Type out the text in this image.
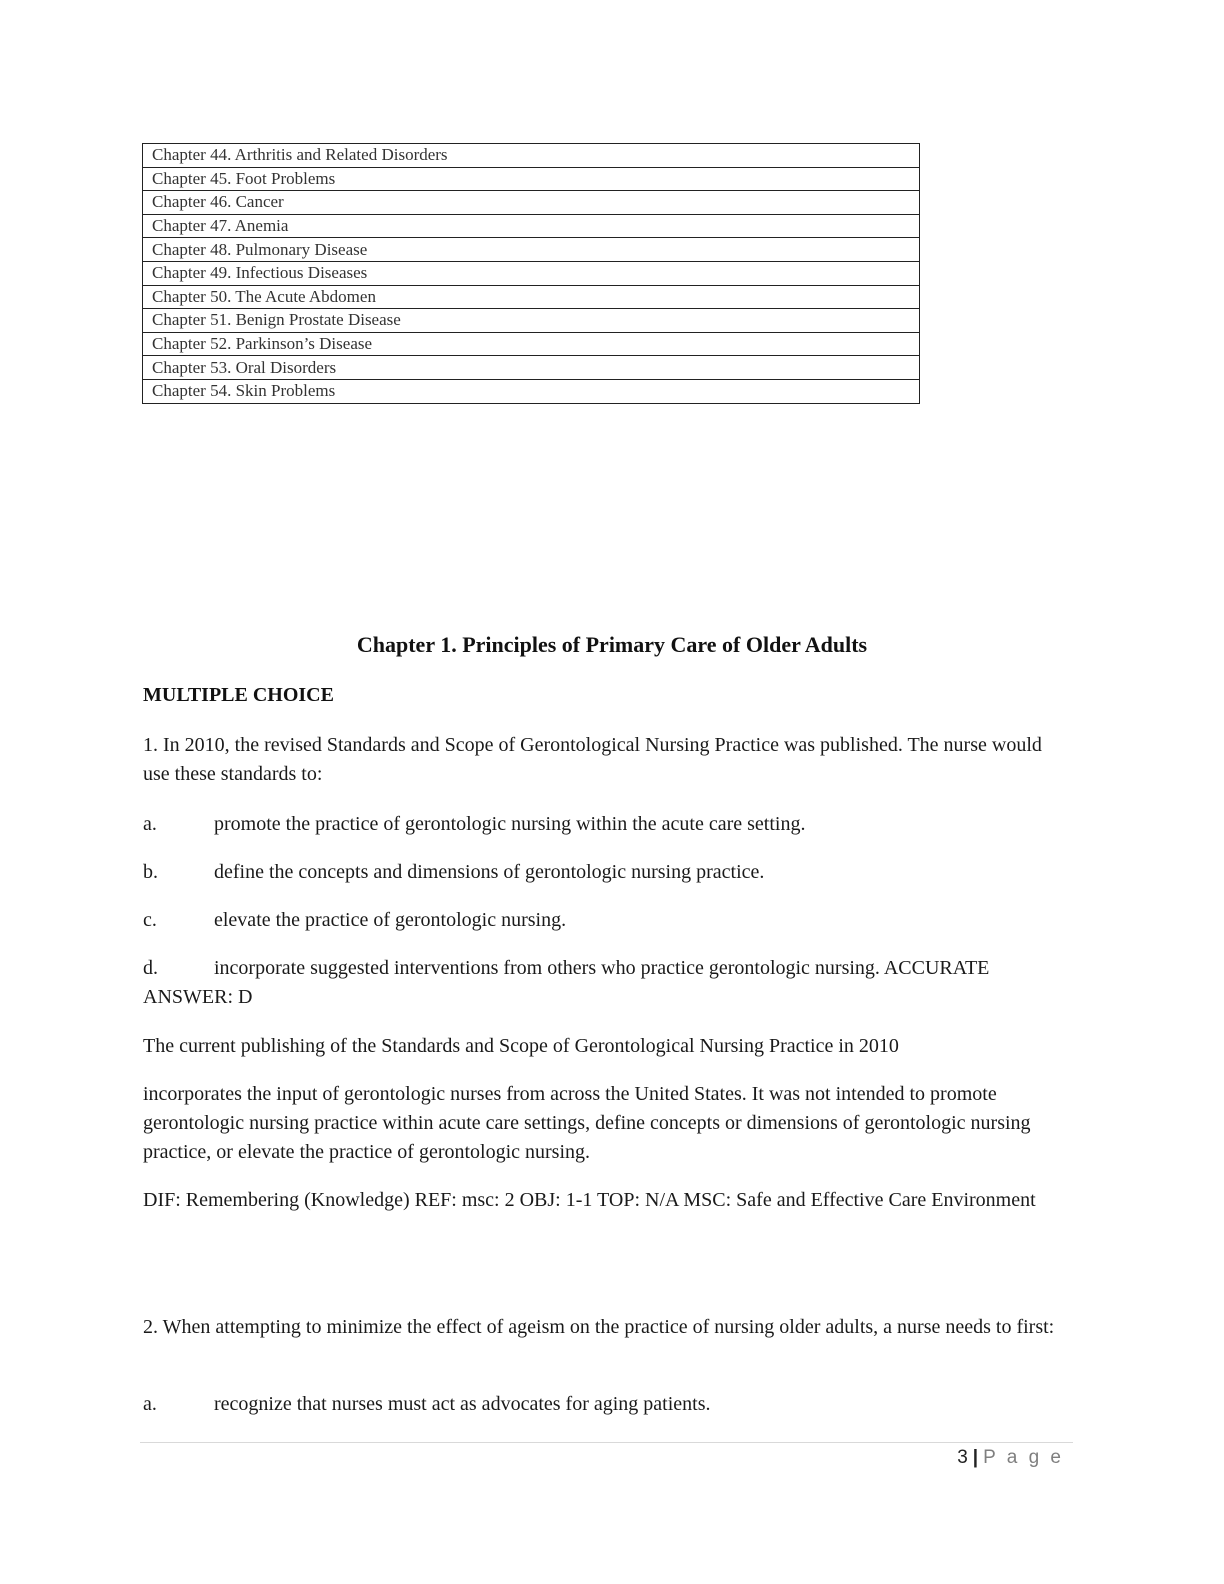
Chapter 44. Arthritis and Related Disorders
Chapter 45. Foot Problems
Chapter 46. Cancer
Chapter 47. Anemia
Chapter 48. Pulmonary Disease
Chapter 49. Infectious Diseases
Chapter 50. The Acute Abdomen
Chapter 51. Benign Prostate Disease
Chapter 52. Parkinson’s Disease
Chapter 53. Oral Disorders
Chapter 54. Skin Problems
Chapter 1. Principles of Primary Care of Older Adults
MULTIPLE CHOICE

1. In 2010, the revised Standards and Scope of Gerontological Nursing Practice was published. The nurse would use these standards to:

a.	promote the practice of gerontologic nursing within the acute care setting.

b.	define the concepts and dimensions of gerontologic nursing practice.

c.	elevate the practice of gerontologic nursing.

d.	incorporate suggested interventions from others who practice gerontologic nursing. ACCURATE ANSWER: D

The current publishing of the Standards and Scope of Gerontological Nursing Practice in 2010

incorporates the input of gerontologic nurses from across the United States. It was not intended to promote gerontologic nursing practice within acute care settings, define concepts or dimensions of gerontologic nursing practice, or elevate the practice of gerontologic nursing.

DIF: Remembering (Knowledge) REF: msc: 2 OBJ: 1-1 TOP: N/A MSC: Safe and Effective Care Environment

2. When attempting to minimize the effect of ageism on the practice of nursing older adults, a nurse needs to first:

a.	recognize that nurses must act as advocates for aging patients.

3 | P a g e
